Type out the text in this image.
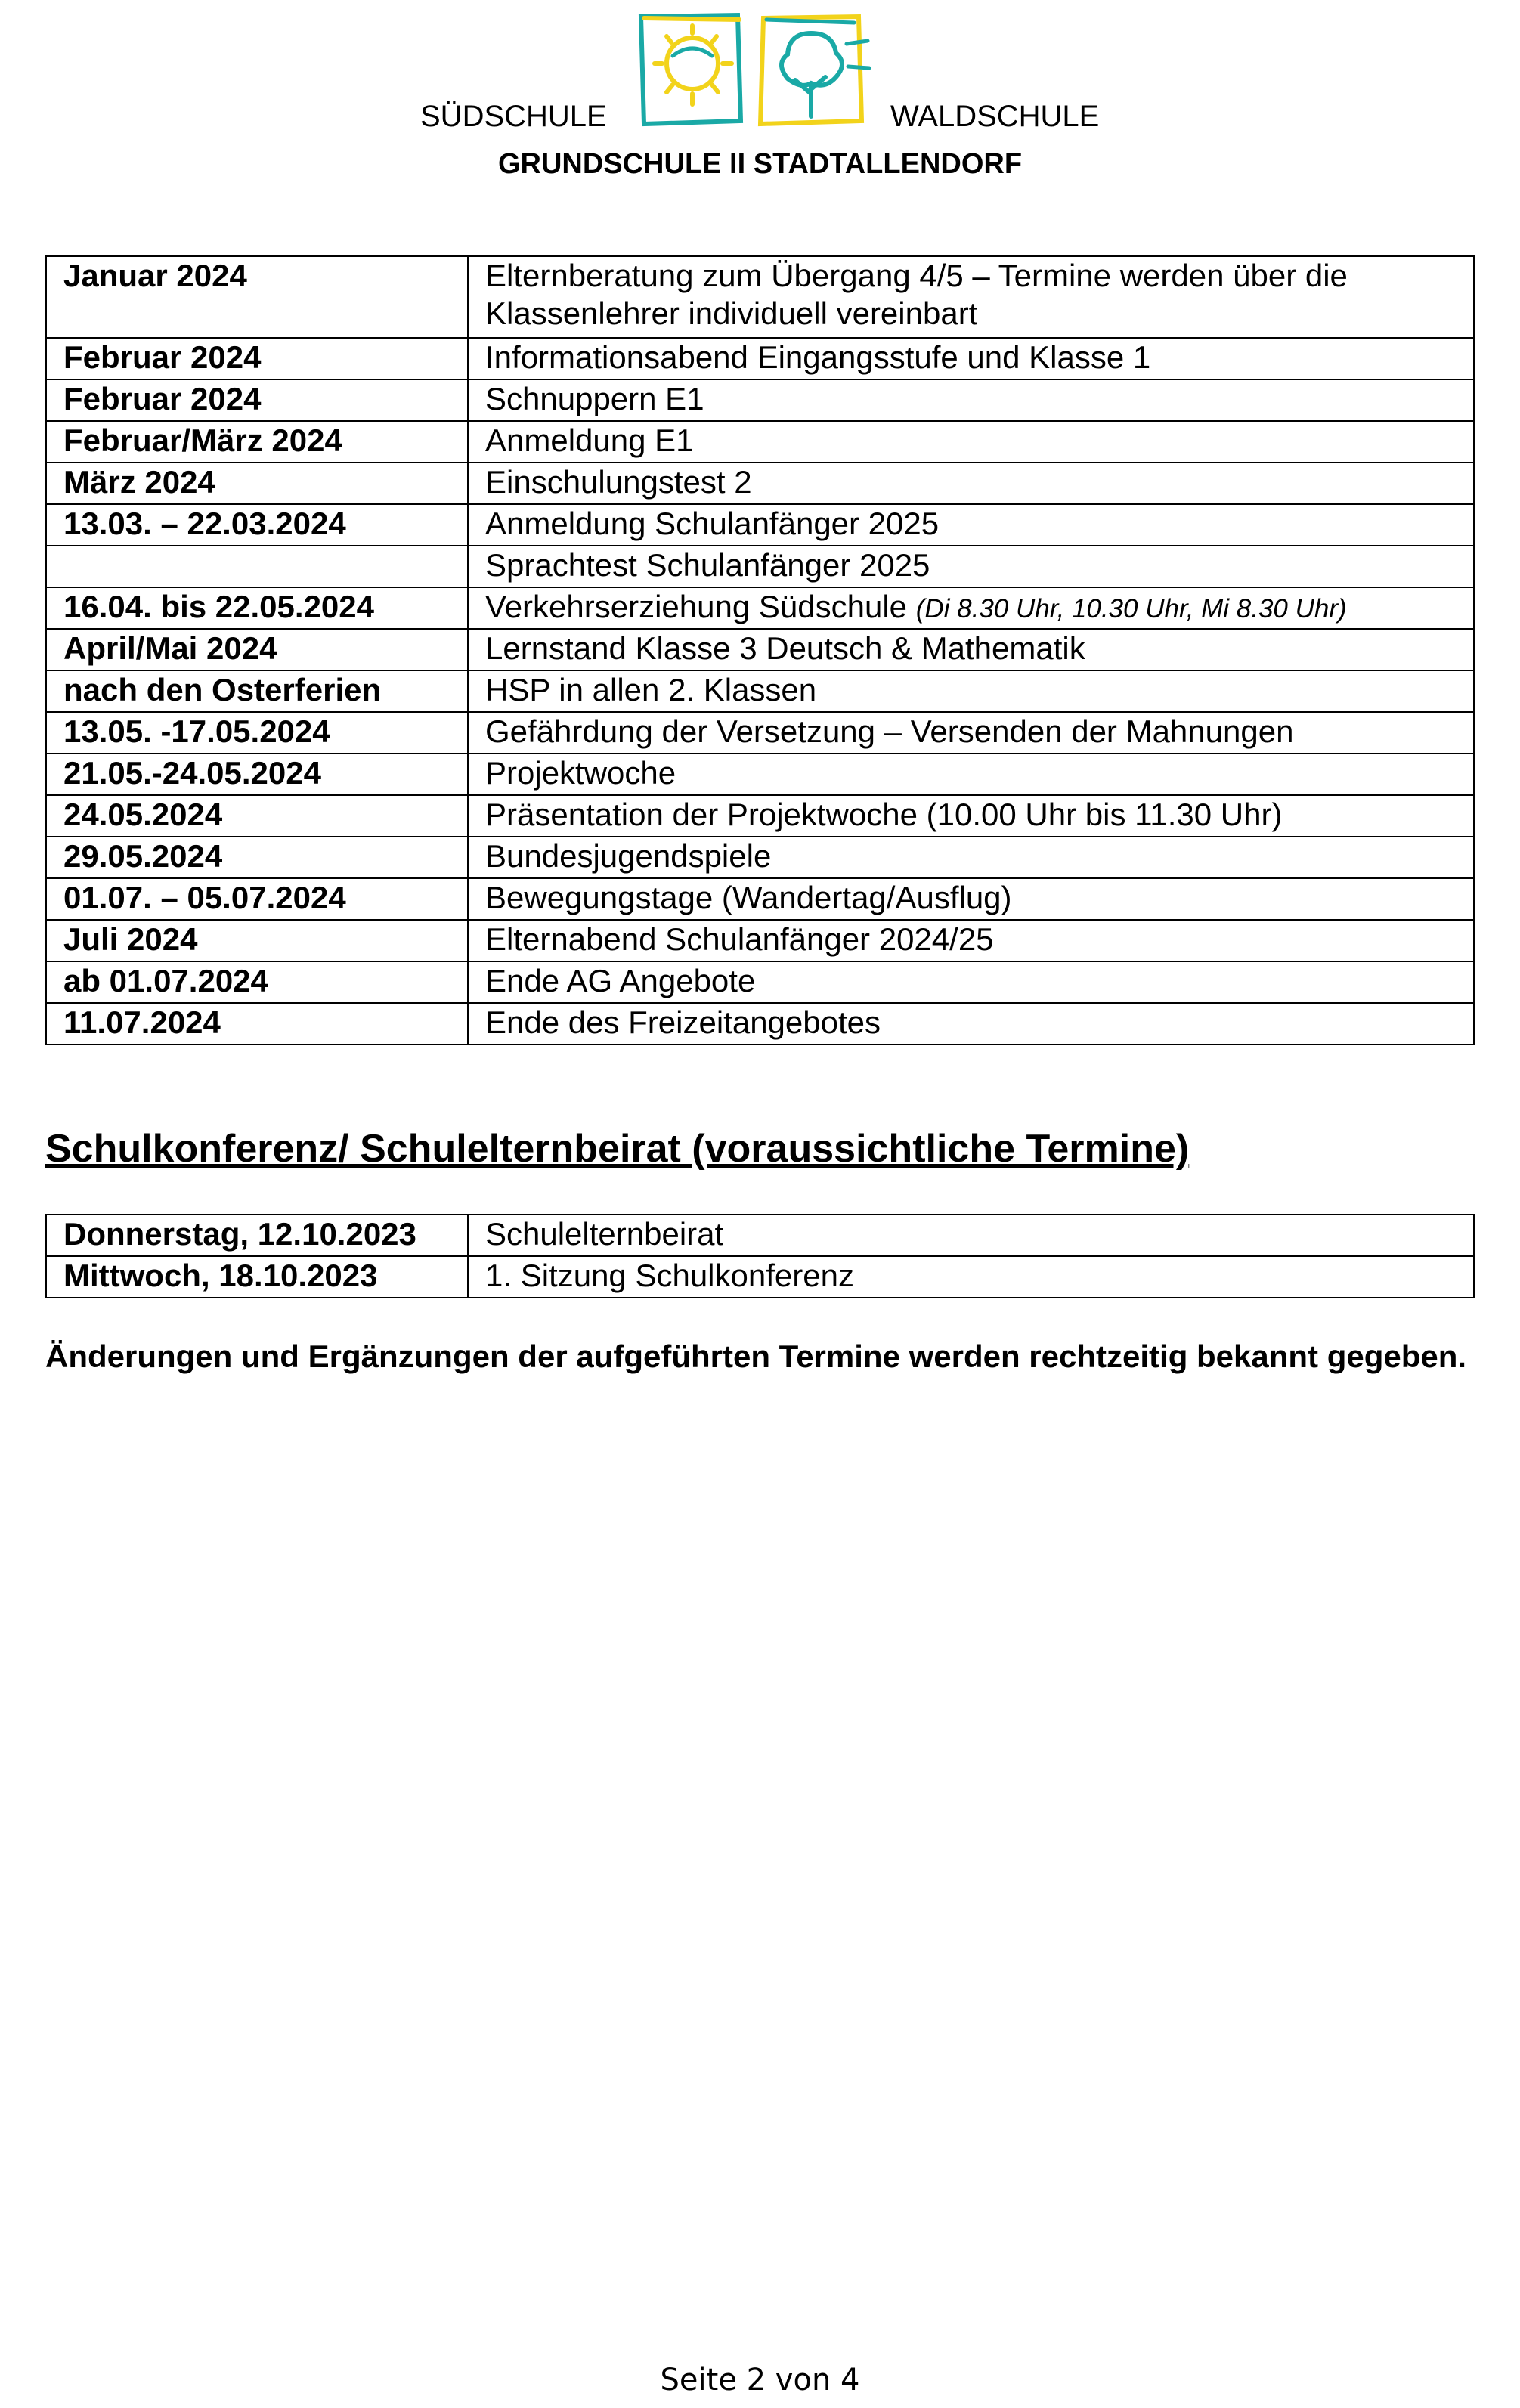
SÜDSCHULE	WALDSCHULE
GRUNDSCHULE II STADTALLENDORF
Januar 2024	Elternberatung zum Übergang 4/5 – Termine werden über die Klassenlehrer individuell vereinbart
Februar 2024	Informationsabend Eingangsstufe und Klasse 1
Februar 2024	Schnuppern E1
Februar/März 2024	Anmeldung E1
März 2024	Einschulungstest 2
13.03. – 22.03.2024	Anmeldung Schulanfänger 2025
	Sprachtest Schulanfänger 2025
16.04. bis 22.05.2024	Verkehrserziehung Südschule (Di 8.30 Uhr, 10.30 Uhr, Mi 8.30 Uhr)
April/Mai 2024	Lernstand Klasse 3 Deutsch & Mathematik
nach den Osterferien	HSP in allen 2. Klassen
13.05. -17.05.2024	Gefährdung der Versetzung – Versenden der Mahnungen
21.05.-24.05.2024	Projektwoche
24.05.2024	Präsentation der Projektwoche (10.00 Uhr bis 11.30 Uhr)
29.05.2024	Bundesjugendspiele
01.07. – 05.07.2024	Bewegungstage (Wandertag/Ausflug)
Juli 2024	Elternabend Schulanfänger 2024/25
ab 01.07.2024	Ende AG Angebote
11.07.2024	Ende des Freizeitangebotes
Schulkonferenz/ Schulelternbeirat (voraussichtliche Termine)
Donnerstag, 12.10.2023	Schulelternbeirat
Mittwoch, 18.10.2023	1. Sitzung Schulkonferenz
Änderungen und Ergänzungen der aufgeführten Termine werden rechtzeitig bekannt gegeben.
Seite 2 von 4
